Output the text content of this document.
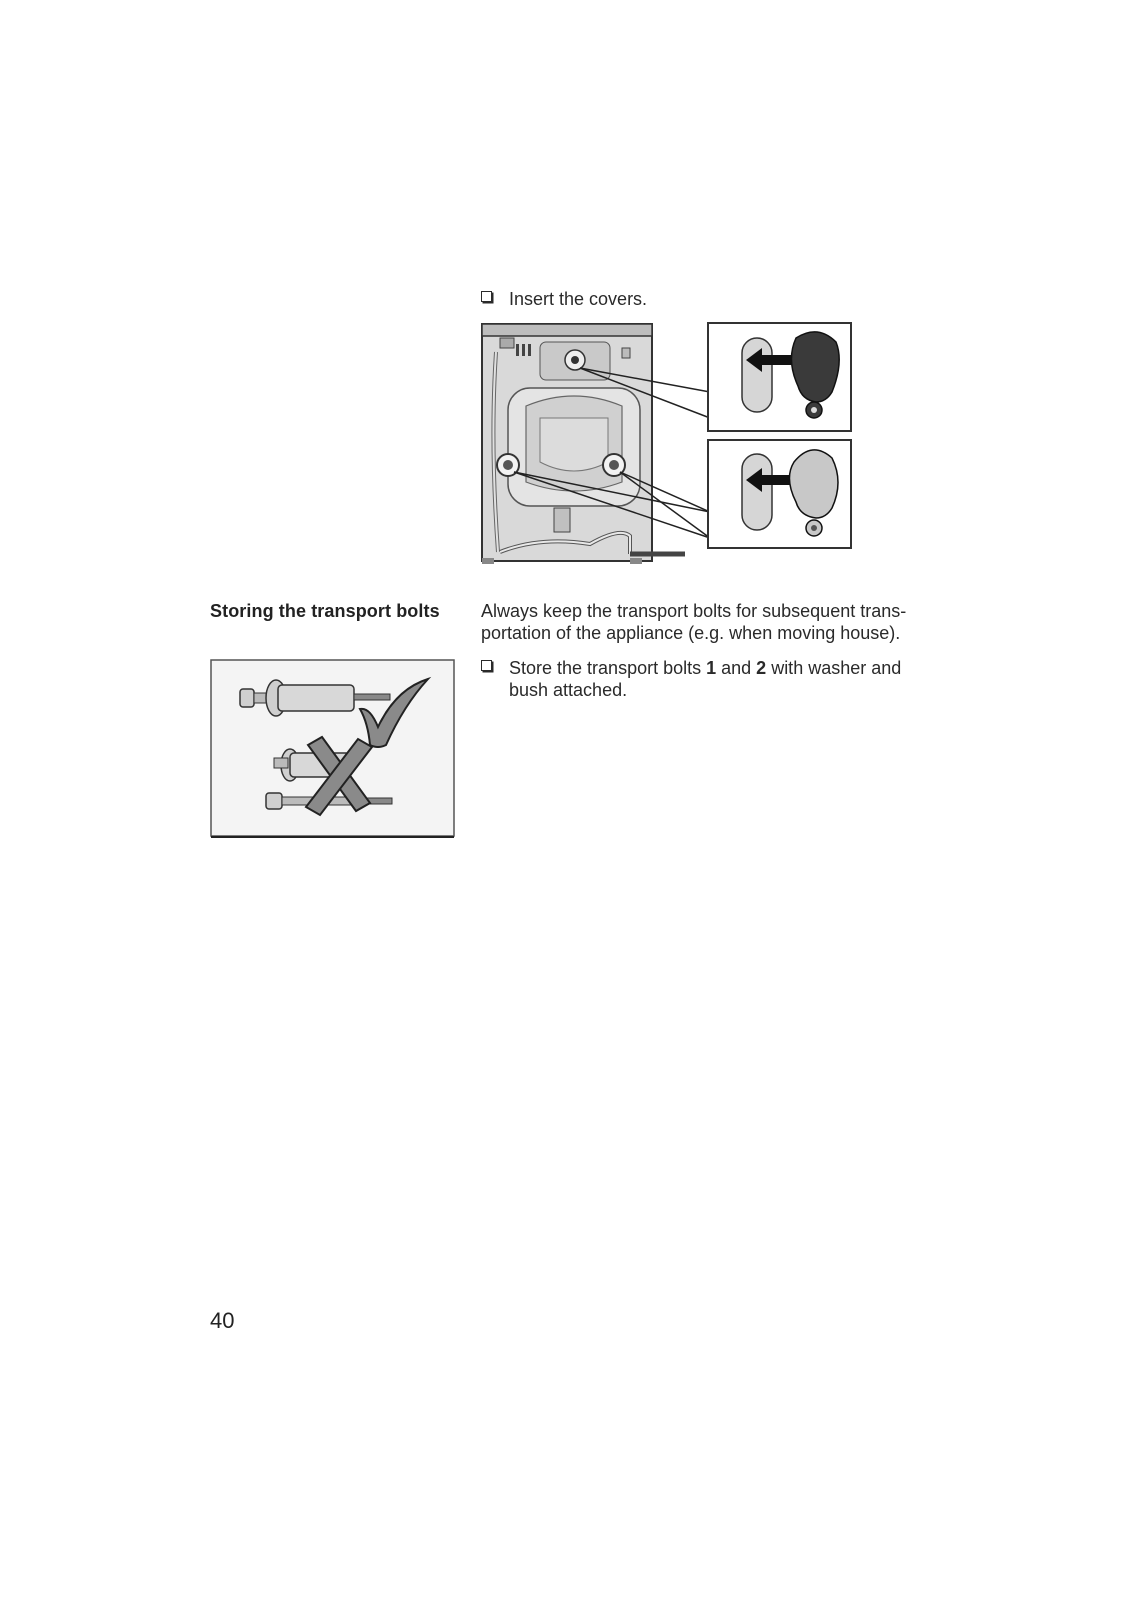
Insert the covers.
Storing the transport bolts	Always keep the transport bolts for subsequent trans-
portation of the appliance (e.g. when moving house).
Store the transport bolts 1 and 2 with washer and
bush attached.
40
